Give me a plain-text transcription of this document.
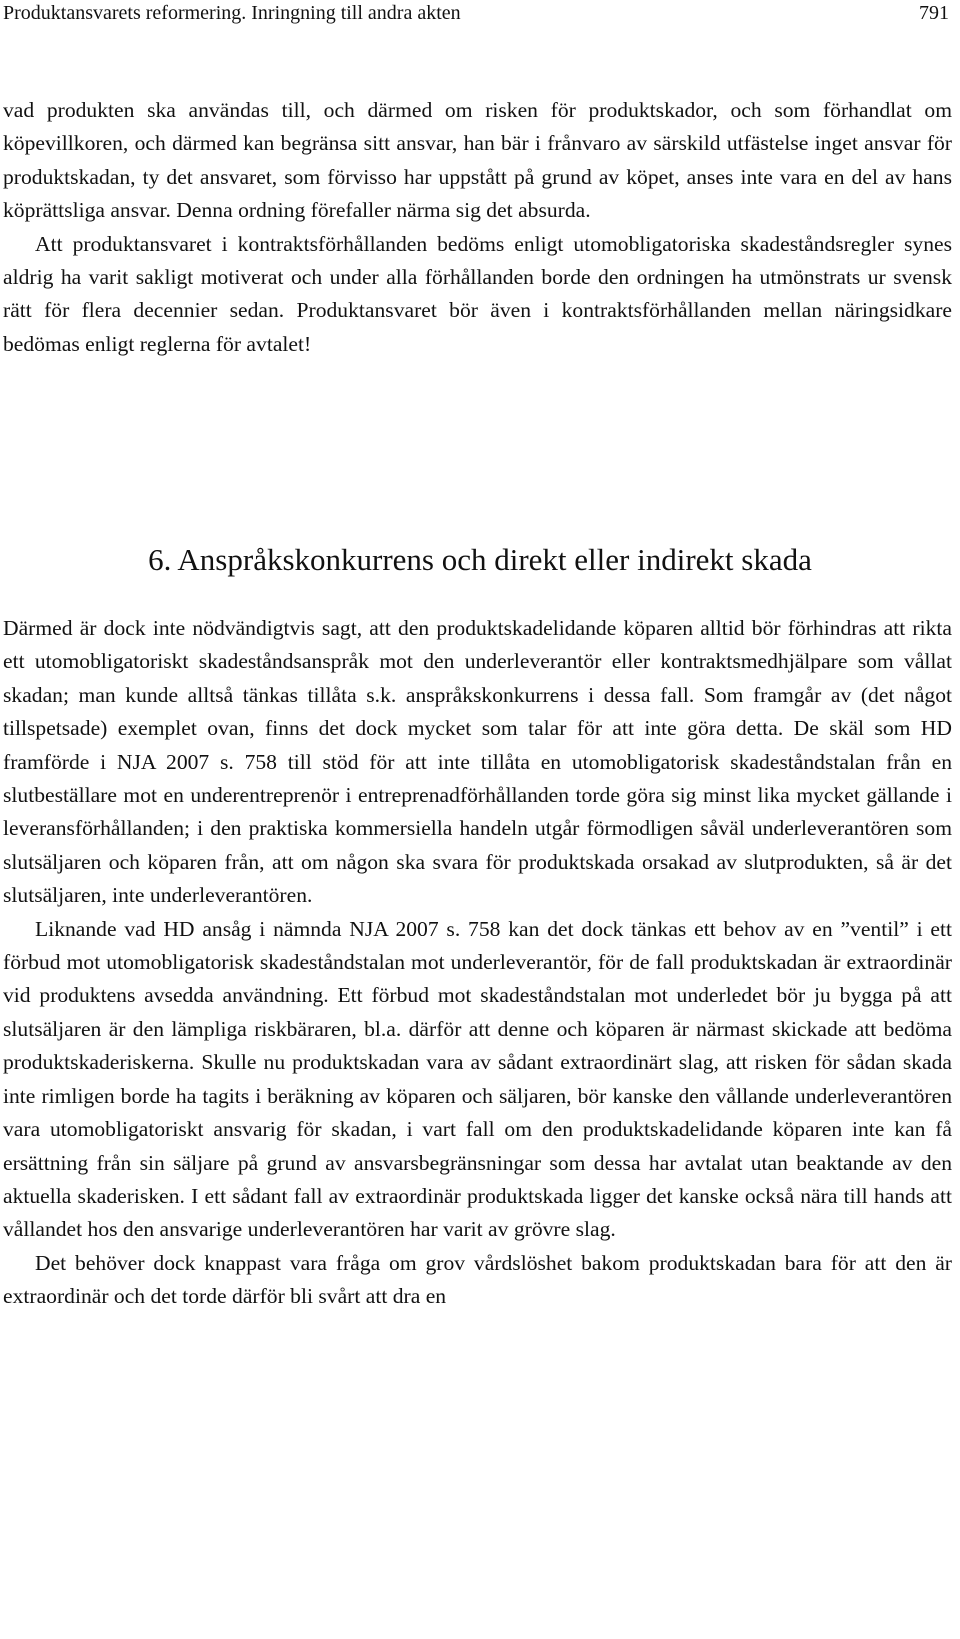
Produktansvarets reformering. Inringning till andra akten	791

vad produkten ska användas till, och därmed om risken för produktskador, och som förhandlat om köpevillkoren, och därmed kan begränsa sitt ansvar, han bär i frånvaro av särskild utfästelse inget ansvar för produktskadan, ty det ansvaret, som förvisso har uppstått på grund av köpet, anses inte vara en del av hans köprättsliga ansvar. Denna ordning förefaller närma sig det absurda.

Att produktansvaret i kontraktsförhållanden bedöms enligt utomobligatoriska skadeståndsregler synes aldrig ha varit sakligt motiverat och under alla förhållanden borde den ordningen ha utmönstrats ur svensk rätt för flera decennier sedan. Produktansvaret bör även i kontraktsförhållanden mellan näringsidkare bedömas enligt reglerna för avtalet!

6. Anspråkskonkurrens och direkt eller indirekt skada

Därmed är dock inte nödvändigtvis sagt, att den produktskadelidande köparen alltid bör förhindras att rikta ett utomobligatoriskt skadeståndsanspråk mot den underleverantör eller kontraktsmedhjälpare som vållat skadan; man kunde alltså tänkas tillåta s.k. anspråkskonkurrens i dessa fall. Som framgår av (det något tillspetsade) exemplet ovan, finns det dock mycket som talar för att inte göra detta. De skäl som HD framförde i NJA 2007 s. 758 till stöd för att inte tillåta en utomobligatorisk skadeståndstalan från en slutbeställare mot en underentreprenör i entreprenadförhållanden torde göra sig minst lika mycket gällande i leveransförhållanden; i den praktiska kommersiella handeln utgår förmodligen såväl underleverantören som slutsäljaren och köparen från, att om någon ska svara för produktskada orsakad av slutprodukten, så är det slutsäljaren, inte underleverantören.

Liknande vad HD ansåg i nämnda NJA 2007 s. 758 kan det dock tänkas ett behov av en ”ventil” i ett förbud mot utomobligatorisk skadeståndstalan mot underleverantör, för de fall produktskadan är extraordinär vid produktens avsedda användning. Ett förbud mot skadeståndstalan mot underledet bör ju bygga på att slutsäljaren är den lämpliga riskbäraren, bl.a. därför att denne och köparen är närmast skickade att bedöma produktskaderiskerna. Skulle nu produktskadan vara av sådant extraordinärt slag, att risken för sådan skada inte rimligen borde ha tagits i beräkning av köparen och säljaren, bör kanske den vållande underleverantören vara utomobligatoriskt ansvarig för skadan, i vart fall om den produktskadelidande köparen inte kan få ersättning från sin säljare på grund av ansvarsbegränsningar som dessa har avtalat utan beaktande av den aktuella skaderisken. I ett sådant fall av extraordinär produktskada ligger det kanske också nära till hands att vållandet hos den ansvarige underleverantören har varit av grövre slag.

Det behöver dock knappast vara fråga om grov vårdslöshet bakom produktskadan bara för att den är extraordinär och det torde därför bli svårt att dra en
